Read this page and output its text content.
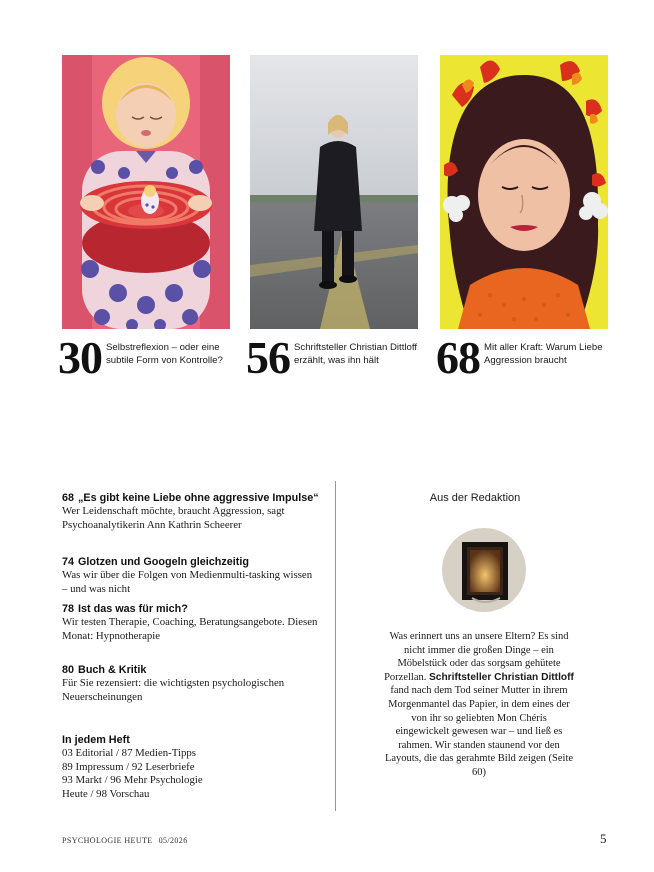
30 Selbstreflexion – oder eine subtile Form von Kontrolle? 56 Schriftsteller Christian Dittloff erzählt, was ihn hält	68 Mit aller Kraft: Warum Liebe Aggression braucht
68 „Es gibt keine Liebe ohne aggressive Impulse“
Wer Leidenschaft möchte, braucht Aggression, sagt Psychoanalytikerin Ann Kathrin Scheerer
74 Glotzen und Googeln gleichzeitig
Was wir über die Folgen von Medienmulti-tasking wissen – und was nicht
78 Ist das was für mich?
Wir testen Therapie, Coaching, Beratungsangebote. Diesen Monat: Hypnotherapie
80 Buch & Kritik
Für Sie rezensiert: die wichtigsten psychologischen Neuerscheinungen
In jedem Heft
03 Editorial / 87 Medien-Tipps
89 Impressum / 92 Leserbriefe
93 Markt / 96 Mehr Psychologie
Heute / 98 Vorschau
Aus der Redaktion
Was erinnert uns an unsere Eltern? Es sind nicht immer die großen Dinge – ein Möbelstück oder das sorgsam gehütete Porzellan. Schriftsteller Christian Dittloff fand nach dem Tod seiner Mutter in ihrem Morgenmantel das Papier, in dem eines der von ihr so geliebten Mon Chéris eingewickelt gewesen war – und ließ es rahmen. Wir standen staunend vor den Layouts, die das gerahmte Bild zeigen (Seite 60)
PSYCHOLOGIE HEUTE 05/2026	5
